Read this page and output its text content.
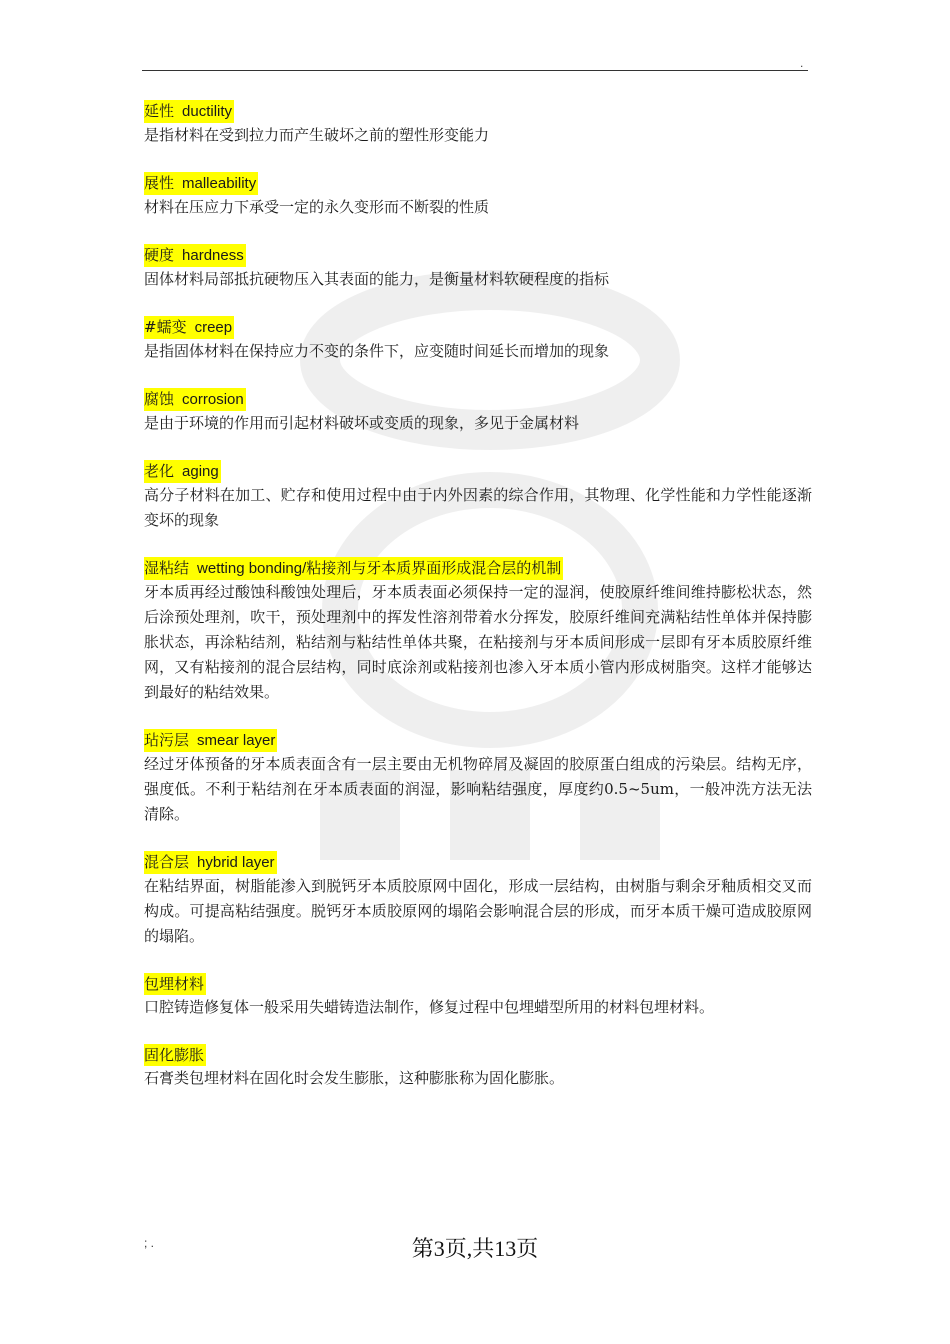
.
延性 ductility

是指材料在受到拉力而产生破坏之前的塑性形变能力

展性 malleability

材料在压应力下承受一定的永久变形而不断裂的性质

硬度 hardness

固体材料局部抵抗硬物压入其表面的能力，是衡量材料软硬程度的指标

#蠕变 creep

是指固体材料在保持应力不变的条件下，应变随时间延长而增加的现象

腐蚀 corrosion

是由于环境的作用而引起材料破坏或变质的现象，多见于金属材料

老化 aging

高分子材料在加工、贮存和使用过程中由于内外因素的综合作用，其物理、化学性能和力学性能逐渐变坏的现象

湿粘结 wetting bonding/粘接剂与牙本质界面形成混合层的机制

牙本质再经过酸蚀科酸蚀处理后，牙本质表面必须保持一定的湿润，使胶原纤维间维持膨松状态，然后涂预处理剂，吹干，预处理剂中的挥发性溶剂带着水分挥发，胶原纤维间充满粘结性单体并保持膨胀状态，再涂粘结剂，粘结剂与粘结性单体共聚，在粘接剂与牙本质间形成一层即有牙本质胶原纤维网，又有粘接剂的混合层结构，同时底涂剂或粘接剂也渗入牙本质小管内形成树脂突。这样才能够达到最好的粘结效果。

玷污层 smear layer

经过牙体预备的牙本质表面含有一层主要由无机物碎屑及凝固的胶原蛋白组成的污染层。结构无序，强度低。不利于粘结剂在牙本质表面的润湿，影响粘结强度，厚度约0.5~5um，一般冲洗方法无法清除。

混合层 hybrid layer

在粘结界面，树脂能渗入到脱钙牙本质胶原网中固化，形成一层结构，由树脂与剩余牙釉质相交叉而构成。可提高粘结强度。脱钙牙本质胶原网的塌陷会影响混合层的形成，而牙本质干燥可造成胶原网的塌陷。

包埋材料

口腔铸造修复体一般采用失蜡铸造法制作，修复过程中包埋蜡型所用的材料包埋材料。

固化膨胀

石膏类包埋材料在固化时会发生膨胀，这种膨胀称为固化膨胀。

; .	第3页,共13页
